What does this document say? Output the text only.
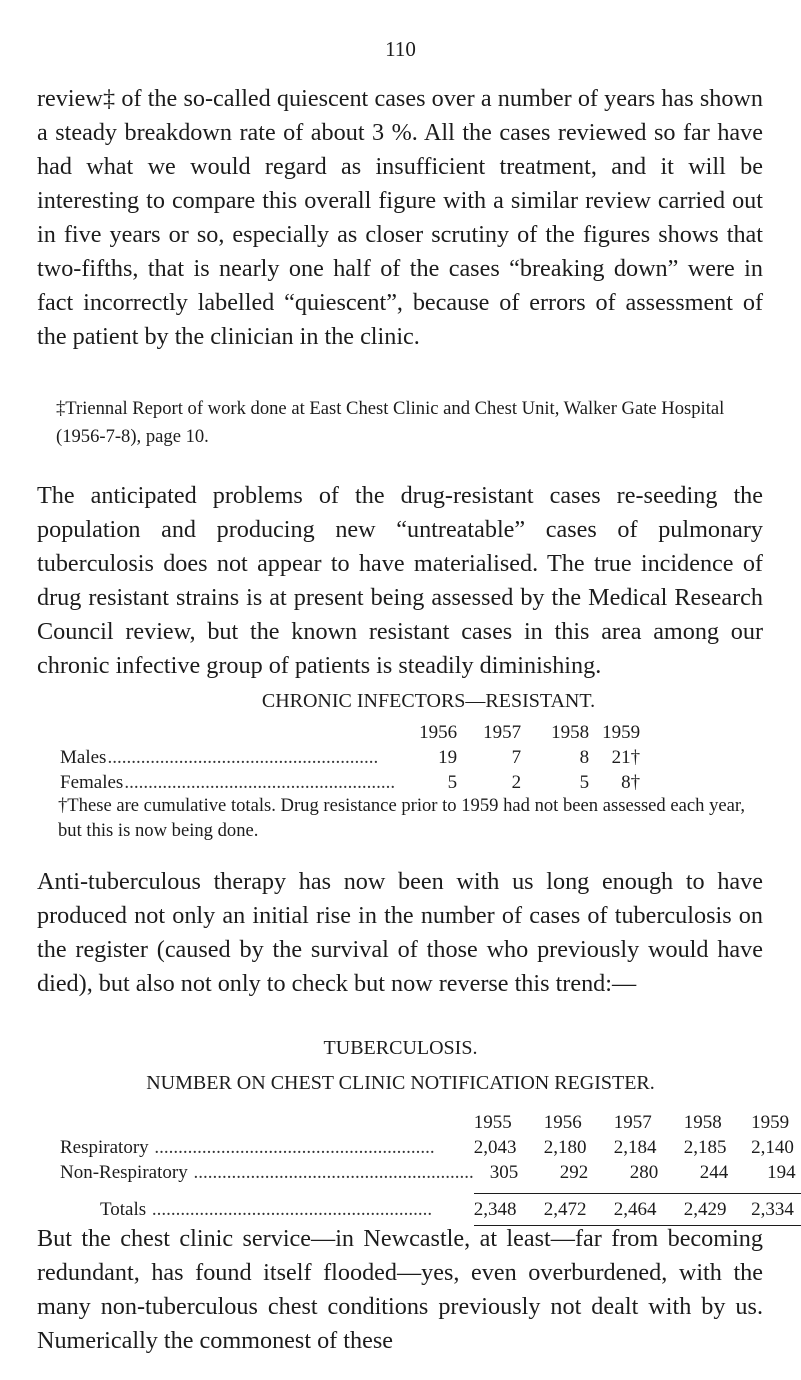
110

review‡ of the so-called quiescent cases over a number of years has shown a steady breakdown rate of about 3 %. All the cases reviewed so far have had what we would regard as insufficient treatment, and it will be interesting to compare this overall figure with a similar review carried out in five years or so, especially as closer scrutiny of the figures shows that two-fifths, that is nearly one half of the cases “breaking down” were in fact incorrectly labelled “quiescent”, because of errors of assessment of the patient by the clinician in the clinic.

‡Triennal Report of work done at East Chest Clinic and Chest Unit, Walker Gate Hospital (1956-7-8), page 10.

The anticipated problems of the drug-resistant cases re-seeding the population and producing new “untreatable” cases of pulmonary tuberculosis does not appear to have materialised. The true incidence of drug resistant strains is at present being assessed by the Medical Research Council review, but the known resistant cases in this area among our chronic infective group of patients is steadily diminishing.

CHRONIC INFECTORS—RESISTANT.
	1956	1957	1958	1959
Males.........................................................	19	7	8	21†
Females.........................................................	5	2	5	8†

†These are cumulative totals. Drug resistance prior to 1959 had not been assessed each year, but this is now being done.

Anti-tuberculous therapy has now been with us long enough to have produced not only an initial rise in the number of cases of tuberculosis on the register (caused by the survival of those who previously would have died), but also not only to check but now reverse this trend:—

TUBERCULOSIS.
NUMBER ON CHEST CLINIC NOTIFICATION REGISTER.
	1955	1956	1957	1958	1959
Respiratory ...........................................................	2,043	2,180	2,184	2,185	2,140
Non-Respiratory ...........................................................	305	292	280	244	194

Totals ...........................................................	2,348	2,472	2,464	2,429	2,334

But the chest clinic service—in Newcastle, at least—far from becoming redundant, has found itself flooded—yes, even overburdened, with the many non-tuberculous chest conditions previously not dealt with by us. Numerically the commonest of these
